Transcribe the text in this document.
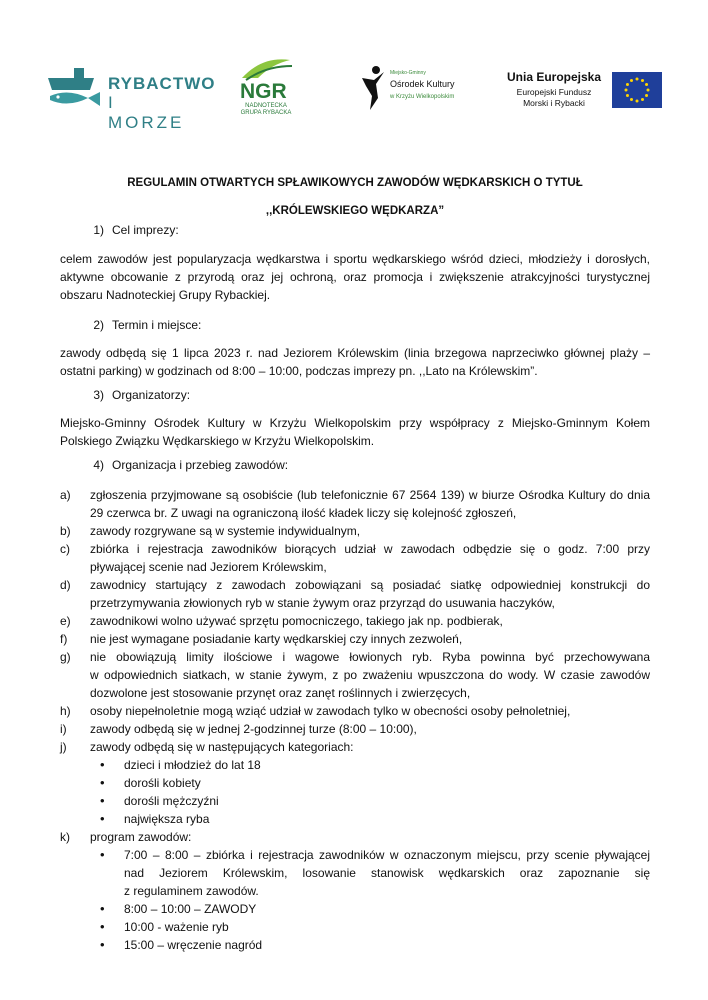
RYBACTWO
I MORZE
NGR
NADNOTECKA
GRUPA RYBACKA
Miejsko-Gminny
Ośrodek Kultury
w Krzyżu Wielkopolskim
Unia Europejska
Europejski Fundusz
Morski i Rybacki
REGULAMIN OTWARTYCH SPŁAWIKOWYCH ZAWODÓW WĘDKARSKICH O TYTUŁ
,,KRÓLEWSKIEGO WĘDKARZA”
1) Cel imprezy:
celem zawodów jest popularyzacja wędkarstwa i sportu wędkarskiego wśród dzieci, młodzieży i dorosłych,
aktywne obcowanie z przyrodą oraz jej ochroną, oraz promocja i zwiększenie atrakcyjności turystycznej
obszaru Nadnoteckiej Grupy Rybackiej.
2) Termin i miejsce:
zawody odbędą się 1 lipca 2023 r. nad Jeziorem Królewskim (linia brzegowa naprzeciwko głównej plaży –
ostatni parking) w godzinach od 8:00 – 10:00, podczas imprezy pn. ,,Lato na Królewskim”.
3) Organizatorzy:
Miejsko-Gminny Ośrodek Kultury w Krzyżu Wielkopolskim przy współpracy z Miejsko-Gminnym Kołem
Polskiego Związku Wędkarskiego w Krzyżu Wielkopolskim.
4) Organizacja i przebieg zawodów:
a)	zgłoszenia przyjmowane są osobiście (lub telefonicznie 67 2564 139) w biurze Ośrodka Kultury do dnia
29 czerwca br. Z uwagi na ograniczoną ilość kładek liczy się kolejność zgłoszeń,
b)	zawody rozgrywane są w systemie indywidualnym,
c)	zbiórka i rejestracja zawodników biorących udział w zawodach odbędzie się o godz. 7:00 przy
pływającej scenie nad Jeziorem Królewskim,
d)	zawodnicy startujący z zawodach zobowiązani są posiadać siatkę odpowiedniej konstrukcji do
przetrzymywania złowionych ryb w stanie żywym oraz przyrząd do usuwania haczyków,
e)	zawodnikowi wolno używać sprzętu pomocniczego, takiego jak np. podbierak,
f)	nie jest wymagane posiadanie karty wędkarskiej czy innych zezwoleń,
g)	nie obowiązują limity ilościowe i wagowe łowionych ryb. Ryba powinna być przechowywana
w odpowiednich siatkach, w stanie żywym, z po zważeniu wpuszczona do wody. W czasie zawodów
dozwolone jest stosowanie przynęt oraz zanęt roślinnych i zwierzęcych,
h)	osoby niepełnoletnie mogą wziąć udział w zawodach tylko w obecności osoby pełnoletniej,
i)	zawody odbędą się w jednej 2-godzinnej turze (8:00 – 10:00),
j)	zawody odbędą się w następujących kategoriach:
• dzieci i młodzież do lat 18
• dorośli kobiety
• dorośli mężczyźni
• największa ryba
k)	program zawodów:
• 7:00 – 8:00 – zbiórka i rejestracja zawodników w oznaczonym miejscu, przy scenie pływającej
nad Jeziorem Królewskim, losowanie stanowisk wędkarskich oraz zapoznanie się
z regulaminem zawodów.
• 8:00 – 10:00 – ZAWODY
• 10:00 - ważenie ryb
• 15:00 – wręczenie nagród
